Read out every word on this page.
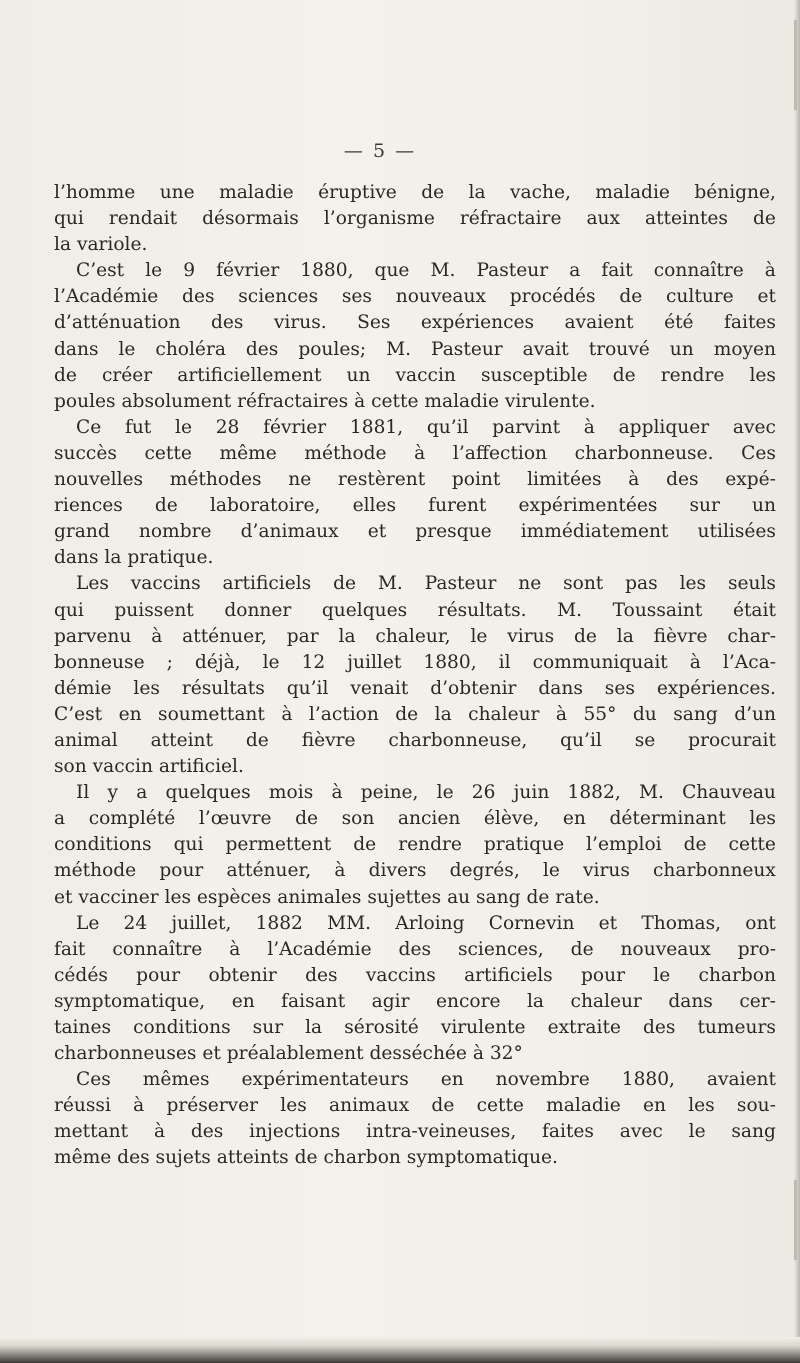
— 5 —
l’homme une maladie éruptive de la vache, maladie bénigne,
qui rendait désormais l’organisme réfractaire aux atteintes de
la variole.
C’est le 9 février 1880, que M. Pasteur a fait connaître à
l’Académie des sciences ses nouveaux procédés de culture et
d’atténuation des virus. Ses expériences avaient été faites
dans le choléra des poules; M. Pasteur avait trouvé un moyen
de créer artificiellement un vaccin susceptible de rendre les
poules absolument réfractaires à cette maladie virulente.
Ce fut le 28 février 1881, qu’il parvint à appliquer avec
succès cette même méthode à l’affection charbonneuse. Ces
nouvelles méthodes ne restèrent point limitées à des expé-
riences de laboratoire, elles furent expérimentées sur un
grand nombre d’animaux et presque immédiatement utilisées
dans la pratique.
Les vaccins artificiels de M. Pasteur ne sont pas les seuls
qui puissent donner quelques résultats. M. Toussaint était
parvenu à atténuer, par la chaleur, le virus de la fièvre char-
bonneuse ; déjà, le 12 juillet 1880, il communiquait à l’Aca-
démie les résultats qu’il venait d’obtenir dans ses expériences.
C’est en soumettant à l’action de la chaleur à 55° du sang d’un
animal atteint de fièvre charbonneuse, qu’il se procurait
son vaccin artificiel.
Il y a quelques mois à peine, le 26 juin 1882, M. Chauveau
a complété l’œuvre de son ancien élève, en déterminant les
conditions qui permettent de rendre pratique l’emploi de cette
méthode pour atténuer, à divers degrés, le virus charbonneux
et vacciner les espèces animales sujettes au sang de rate.
Le 24 juillet, 1882 MM. Arloing Cornevin et Thomas, ont
fait connaître à l’Académie des sciences, de nouveaux pro-
cédés pour obtenir des vaccins artificiels pour le charbon
symptomatique, en faisant agir encore la chaleur dans cer-
taines conditions sur la sérosité virulente extraite des tumeurs
charbonneuses et préalablement desséchée à 32°
Ces mêmes expérimentateurs en novembre 1880, avaient
réussi à préserver les animaux de cette maladie en les sou-
mettant à des injections intra-veineuses, faites avec le sang
même des sujets atteints de charbon symptomatique.
